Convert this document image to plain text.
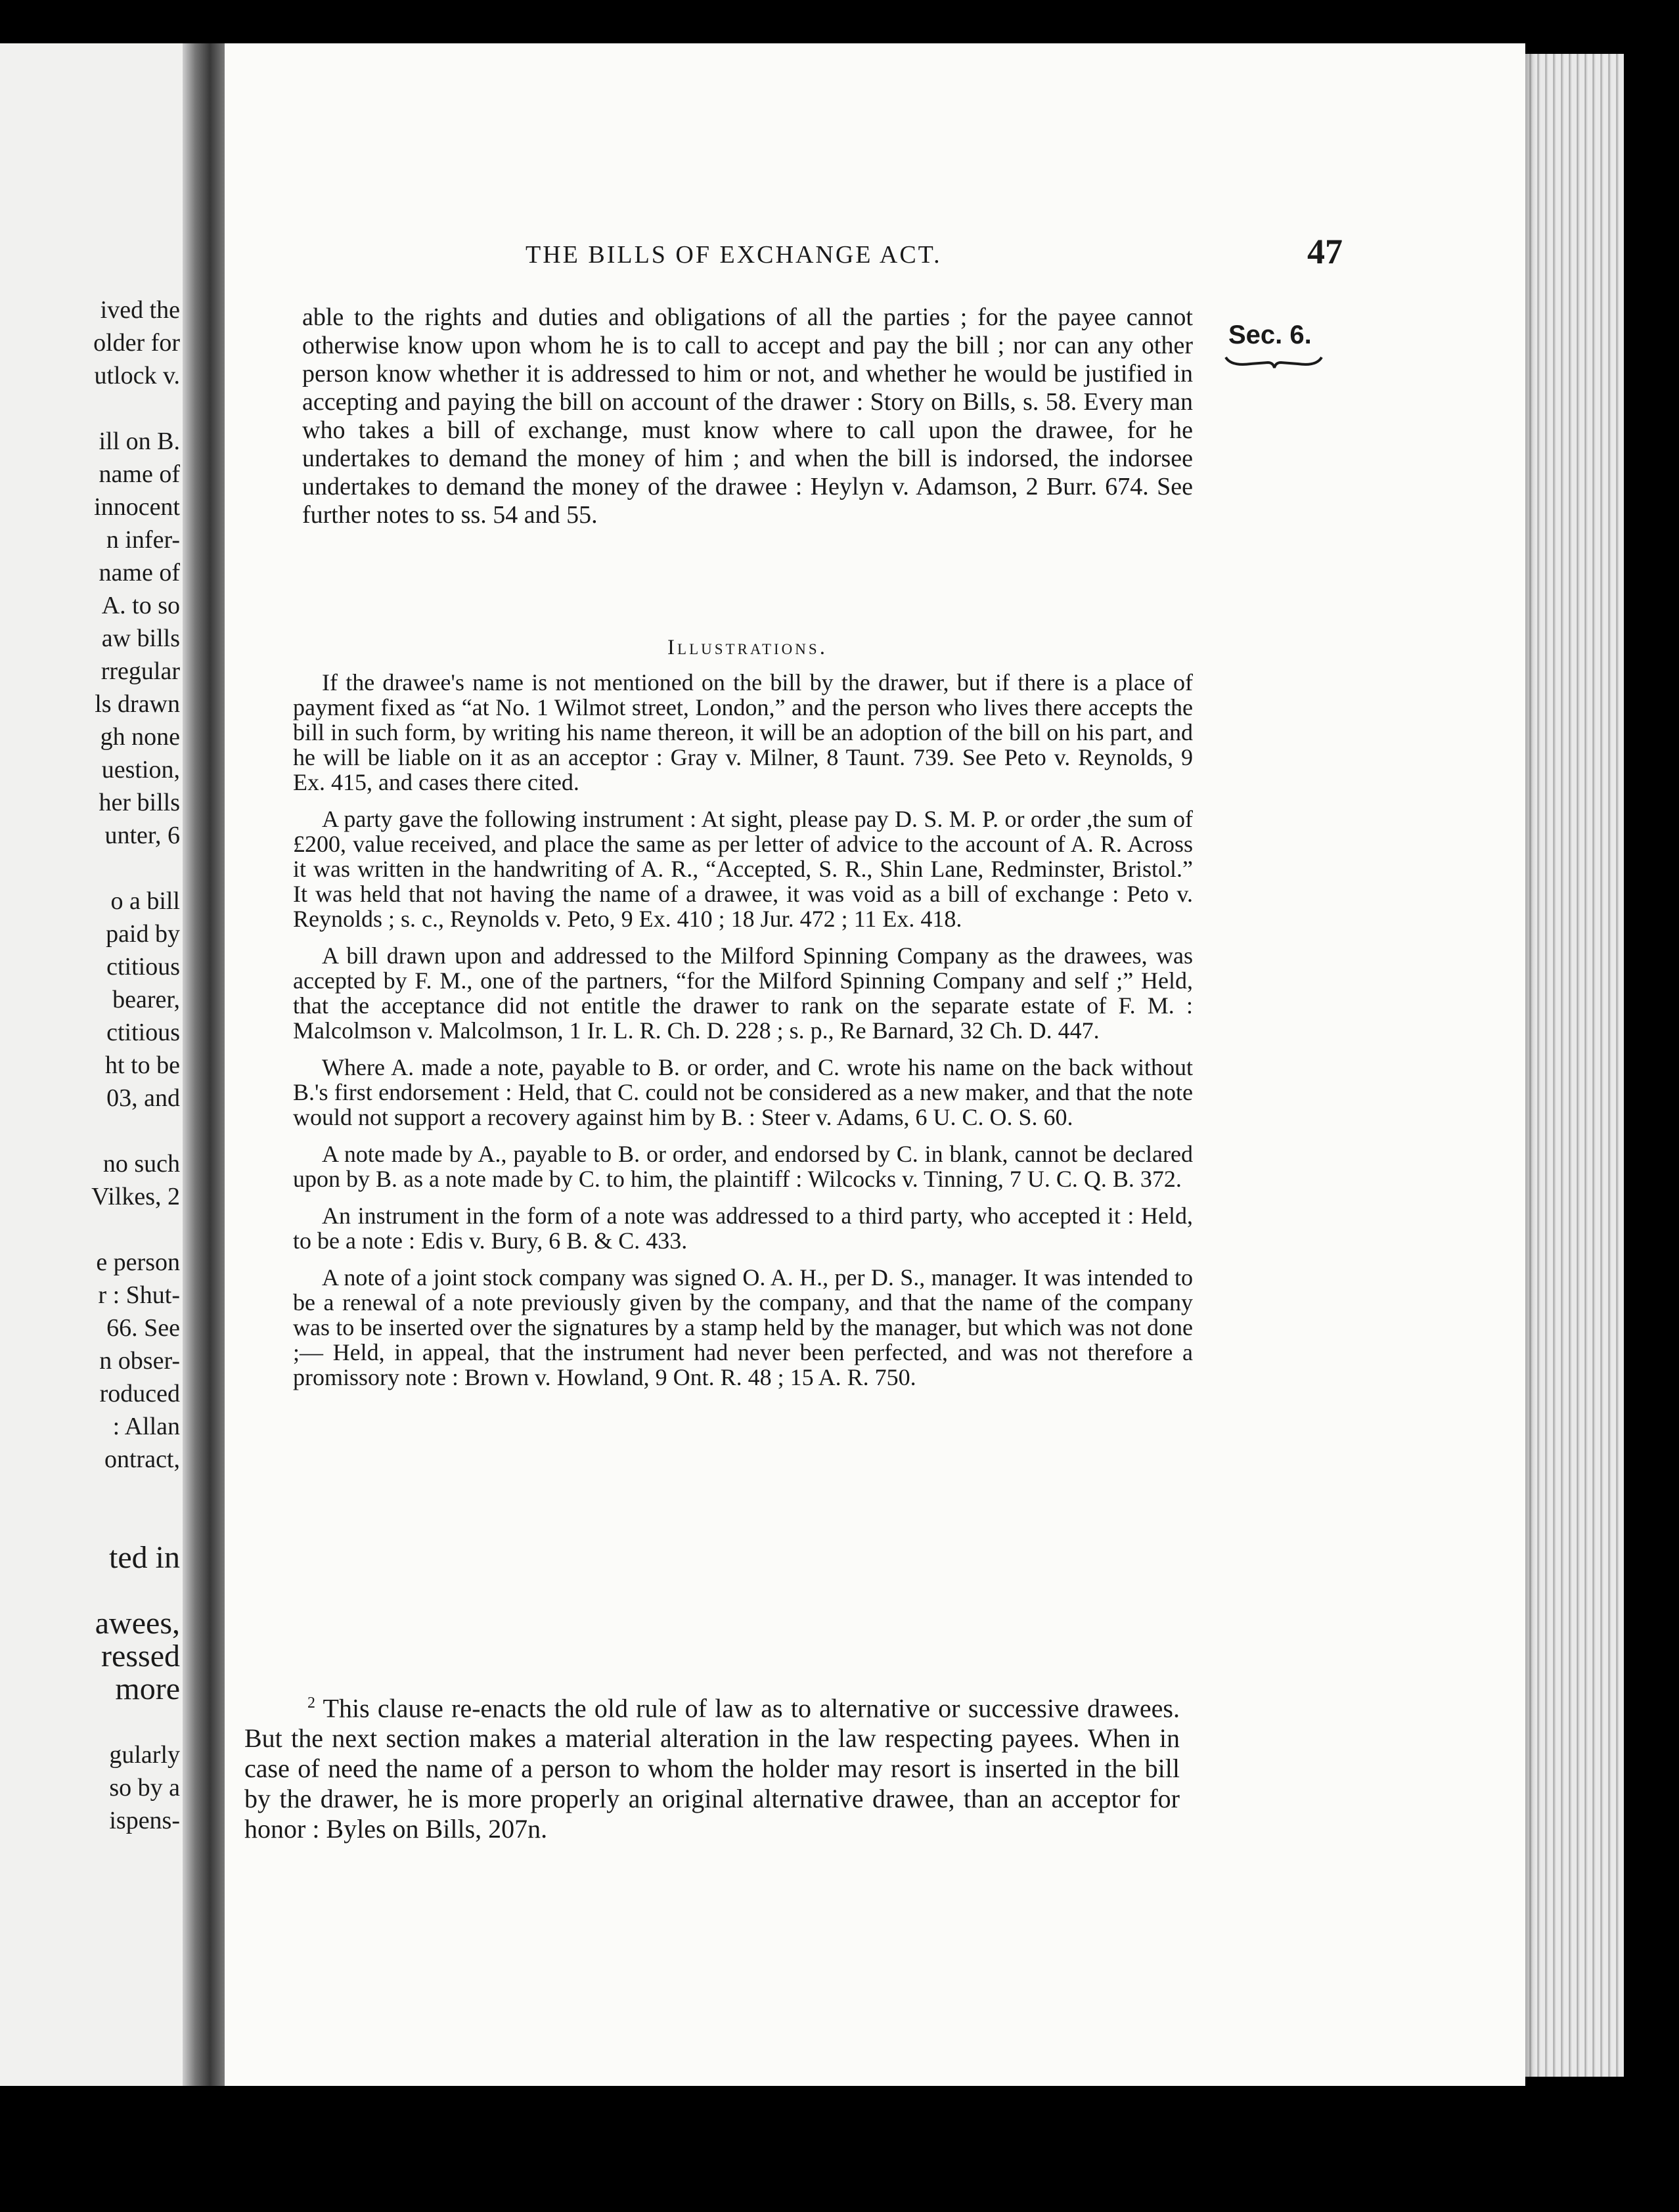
ived the
older for
utlock v.
ill on B.
name of
innocent
n infer-
name of
A. to so
aw bills
rregular
ls drawn
gh none
uestion,
her bills
unter, 6
o a bill
paid by
ctitious
bearer,
ctitious
ht to be
03, and
no such
Vilkes, 2
e person
r : Shut-
66. See
n obser-
roduced
: Allan
ontract,
ted in
awees,
ressed
more
gularly
so by a
ispens-
THE BILLS OF EXCHANGE ACT.	47
Sec. 6.
able to the rights and duties and obligations of all the parties ; for the payee cannot otherwise know upon whom he is to call to accept and pay the bill ; nor can any other person know whether it is addressed to him or not, and whether he would be justified in accepting and paying the bill on account of the drawer : Story on Bills, s. 58. Every man who takes a bill of exchange, must know where to call upon the drawee, for he undertakes to demand the money of him ; and when the bill is indorsed, the indorsee undertakes to demand the money of the drawee : Heylyn v. Adamson, 2 Burr. 674. See further notes to ss. 54 and 55.
Illustrations.

If the drawee's name is not mentioned on the bill by the drawer, but if there is a place of payment fixed as “at No. 1 Wilmot street, London,” and the person who lives there accepts the bill in such form, by writing his name thereon, it will be an adoption of the bill on his part, and he will be liable on it as an acceptor : Gray v. Milner, 8 Taunt. 739. See Peto v. Reynolds, 9 Ex. 415, and cases there cited.

A party gave the following instrument : At sight, please pay D. S. M. P. or order ,the sum of £200, value received, and place the same as per letter of advice to the account of A. R. Across it was written in the handwriting of A. R., “Accepted, S. R., Shin Lane, Redminster, Bristol.” It was held that not having the name of a drawee, it was void as a bill of exchange : Peto v. Reynolds ; s. c., Reynolds v. Peto, 9 Ex. 410 ; 18 Jur. 472 ; 11 Ex. 418.

A bill drawn upon and addressed to the Milford Spinning Company as the drawees, was accepted by F. M., one of the partners, “for the Milford Spinning Company and self ;” Held, that the acceptance did not entitle the drawer to rank on the separate estate of F. M. : Malcolmson v. Malcolmson, 1 Ir. L. R. Ch. D. 228 ; s. p., Re Barnard, 32 Ch. D. 447.

Where A. made a note, payable to B. or order, and C. wrote his name on the back without B.'s first endorsement : Held, that C. could not be considered as a new maker, and that the note would not support a recovery against him by B. : Steer v. Adams, 6 U. C. O. S. 60.

A note made by A., payable to B. or order, and endorsed by C. in blank, cannot be declared upon by B. as a note made by C. to him, the plaintiff : Wilcocks v. Tinning, 7 U. C. Q. B. 372.

An instrument in the form of a note was addressed to a third party, who accepted it : Held, to be a note : Edis v. Bury, 6 B. & C. 433.

A note of a joint stock company was signed O. A. H., per D. S., manager. It was intended to be a renewal of a note previously given by the company, and that the name of the company was to be inserted over the signatures by a stamp held by the manager, but which was not done ;— Held, in appeal, that the instrument had never been perfected, and was not therefore a promissory note : Brown v. Howland, 9 Ont. R. 48 ; 15 A. R. 750.

$^2$ This clause re-enacts the old rule of law as to alternative or successive drawees. But the next section makes a material alteration in the law respecting payees. When in case of need the name of a person to whom the holder may resort is inserted in the bill by the drawer, he is more properly an original alternative drawee, than an acceptor for honor : Byles on Bills, 207n.
